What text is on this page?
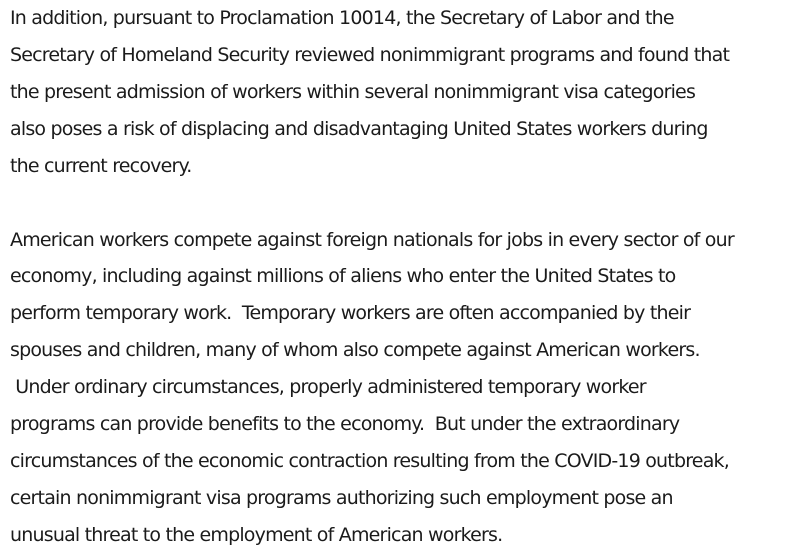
In addition, pursuant to Proclamation 10014, the Secretary of Labor and the
Secretary of Homeland Security reviewed nonimmigrant programs and found that
the present admission of workers within several nonimmigrant visa categories
also poses a risk of displacing and disadvantaging United States workers during
the current recovery.
American workers compete against foreign nationals for jobs in every sector of our
economy, including against millions of aliens who enter the United States to
perform temporary work.  Temporary workers are often accompanied by their
spouses and children, many of whom also compete against American workers.
Under ordinary circumstances, properly administered temporary worker
programs can provide benefits to the economy.  But under the extraordinary
circumstances of the economic contraction resulting from the COVID-19 outbreak,
certain nonimmigrant visa programs authorizing such employment pose an
unusual threat to the employment of American workers.
